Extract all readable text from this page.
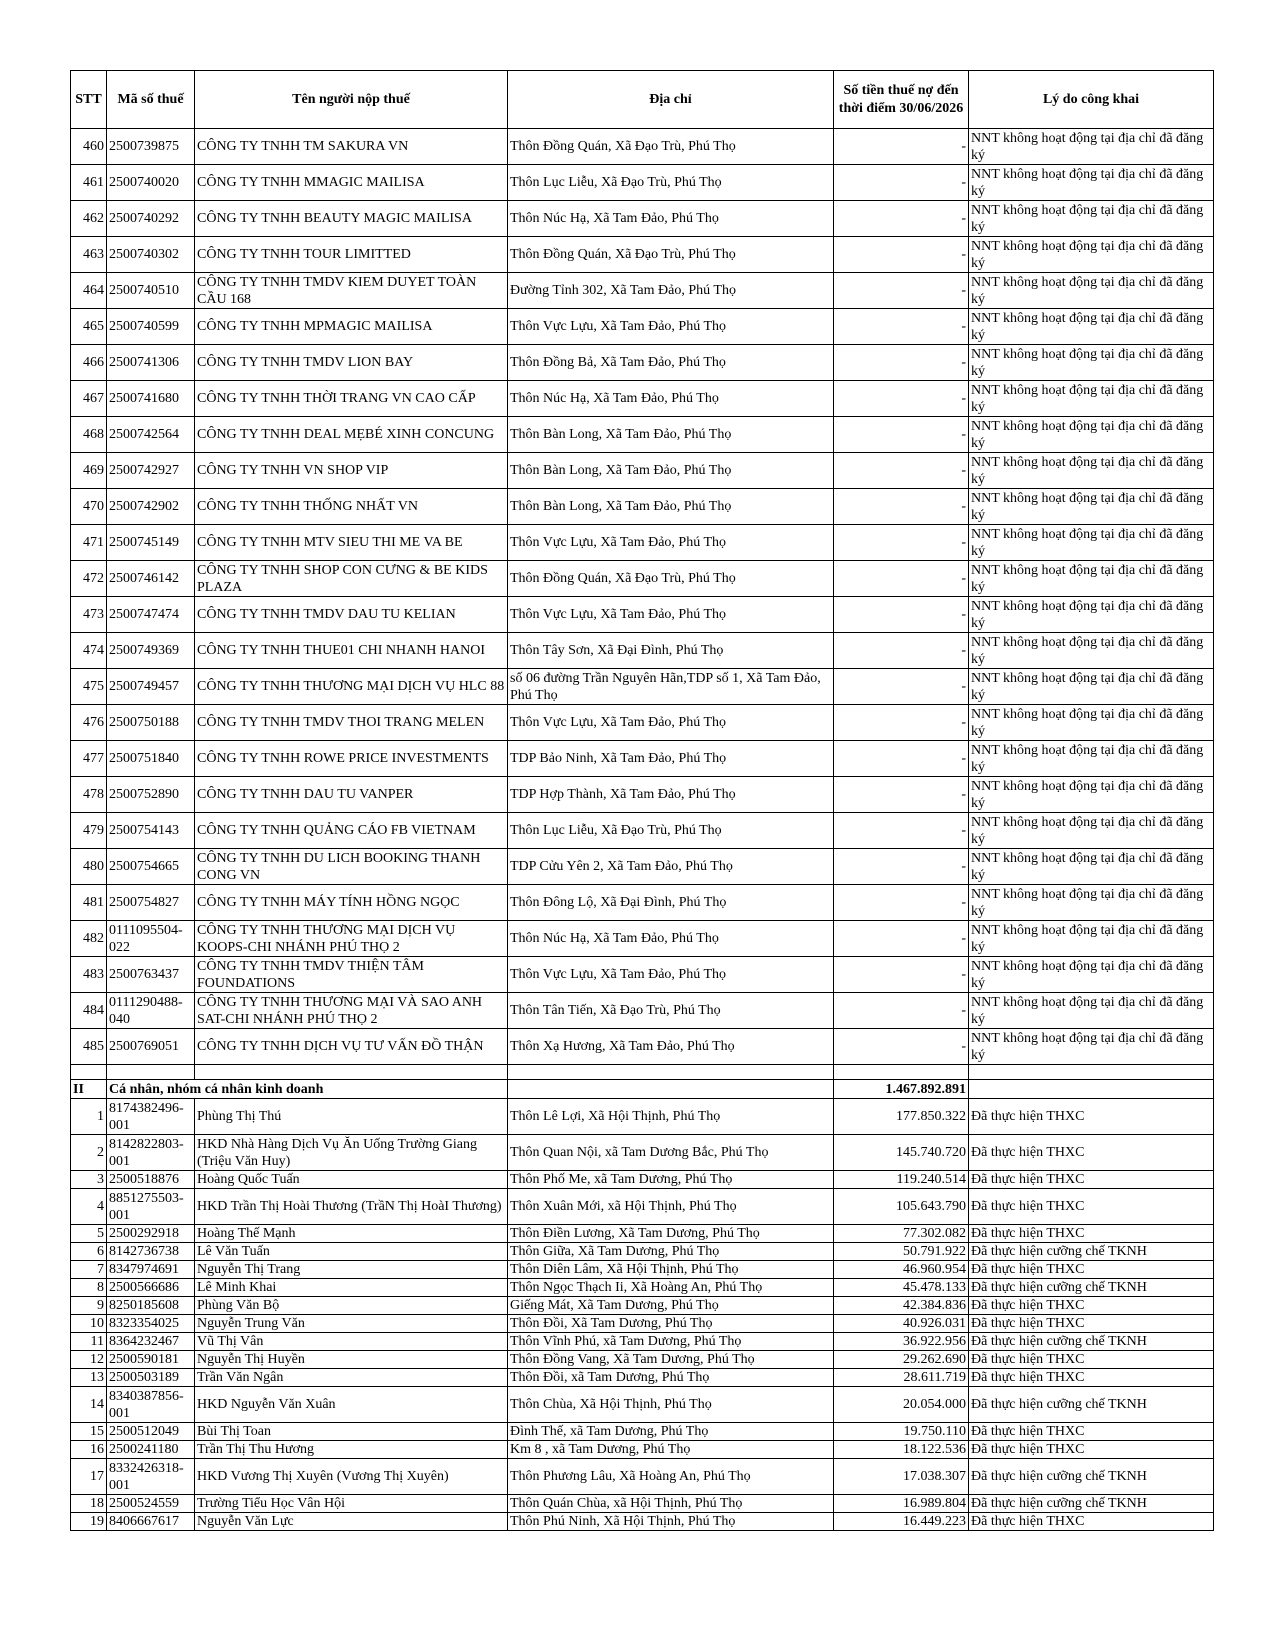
STT	Mã số thuế	Tên người nộp thuế	Địa chỉ	Số tiền thuế nợ đến thời điểm 30/06/2026	Lý do công khai
460	2500739875	CÔNG TY TNHH TM SAKURA VN	Thôn Đồng Quán, Xã Đạo Trù, Phú Thọ	-	NNT không hoạt động tại địa chỉ đã đăng ký
461	2500740020	CÔNG TY TNHH MMAGIC MAILISA	Thôn Lục Liễu, Xã Đạo Trù, Phú Thọ	-	NNT không hoạt động tại địa chỉ đã đăng ký
462	2500740292	CÔNG TY TNHH BEAUTY MAGIC MAILISA	Thôn Núc Hạ, Xã Tam Đảo, Phú Thọ	-	NNT không hoạt động tại địa chỉ đã đăng ký
463	2500740302	CÔNG TY TNHH TOUR LIMITTED	Thôn Đồng Quán, Xã Đạo Trù, Phú Thọ	-	NNT không hoạt động tại địa chỉ đã đăng ký
464	2500740510	CÔNG TY TNHH TMDV KIEM DUYET TOÀN CẦU 168	Đường Tỉnh 302, Xã Tam Đảo, Phú Thọ	-	NNT không hoạt động tại địa chỉ đã đăng ký
465	2500740599	CÔNG TY TNHH MPMAGIC MAILISA	Thôn Vực Lựu, Xã Tam Đảo, Phú Thọ	-	NNT không hoạt động tại địa chỉ đã đăng ký
466	2500741306	CÔNG TY TNHH TMDV LION BAY	Thôn Đồng Bả, Xã Tam Đảo, Phú Thọ	-	NNT không hoạt động tại địa chỉ đã đăng ký
467	2500741680	CÔNG TY TNHH THỜI TRANG VN CAO CẤP	Thôn Núc Hạ, Xã Tam Đảo, Phú Thọ	-	NNT không hoạt động tại địa chỉ đã đăng ký
468	2500742564	CÔNG TY TNHH DEAL MẸBÉ XINH CONCUNG	Thôn Bàn Long, Xã Tam Đảo, Phú Thọ	-	NNT không hoạt động tại địa chỉ đã đăng ký
469	2500742927	CÔNG TY TNHH VN SHOP VIP	Thôn Bàn Long, Xã Tam Đảo, Phú Thọ	-	NNT không hoạt động tại địa chỉ đã đăng ký
470	2500742902	CÔNG TY TNHH THỐNG NHẤT VN	Thôn Bàn Long, Xã Tam Đảo, Phú Thọ	-	NNT không hoạt động tại địa chỉ đã đăng ký
471	2500745149	CÔNG TY TNHH MTV SIEU THI ME VA BE	Thôn Vực Lựu, Xã Tam Đảo, Phú Thọ	-	NNT không hoạt động tại địa chỉ đã đăng ký
472	2500746142	CÔNG TY TNHH SHOP CON CƯNG & BE KIDS PLAZA	Thôn Đồng Quán, Xã Đạo Trù, Phú Thọ	-	NNT không hoạt động tại địa chỉ đã đăng ký
473	2500747474	CÔNG TY TNHH TMDV DAU TU KELIAN	Thôn Vực Lựu, Xã Tam Đảo, Phú Thọ	-	NNT không hoạt động tại địa chỉ đã đăng ký
474	2500749369	CÔNG TY TNHH THUE01 CHI NHANH HANOI	Thôn Tây Sơn, Xã Đại Đình, Phú Thọ	-	NNT không hoạt động tại địa chỉ đã đăng ký
475	2500749457	CÔNG TY TNHH THƯƠNG MẠI DỊCH VỤ HLC 88	số 06 đường Trần Nguyên Hãn,TDP số 1, Xã Tam Đảo, Phú Thọ	-	NNT không hoạt động tại địa chỉ đã đăng ký
476	2500750188	CÔNG TY TNHH TMDV THOI TRANG MELEN	Thôn Vực Lựu, Xã Tam Đảo, Phú Thọ	-	NNT không hoạt động tại địa chỉ đã đăng ký
477	2500751840	CÔNG TY TNHH ROWE PRICE INVESTMENTS	TDP Bảo Ninh, Xã Tam Đảo, Phú Thọ	-	NNT không hoạt động tại địa chỉ đã đăng ký
478	2500752890	CÔNG TY TNHH DAU TU VANPER	TDP Hợp Thành, Xã Tam Đảo, Phú Thọ	-	NNT không hoạt động tại địa chỉ đã đăng ký
479	2500754143	CÔNG TY TNHH QUẢNG CÁO FB VIETNAM	Thôn Lục Liễu, Xã Đạo Trù, Phú Thọ	-	NNT không hoạt động tại địa chỉ đã đăng ký
480	2500754665	CÔNG TY TNHH DU LICH BOOKING THANH CONG VN	TDP Cửu Yên 2, Xã Tam Đảo, Phú Thọ	-	NNT không hoạt động tại địa chỉ đã đăng ký
481	2500754827	CÔNG TY TNHH MÁY TÍNH HỒNG NGỌC	Thôn Đông Lộ, Xã Đại Đình, Phú Thọ	-	NNT không hoạt động tại địa chỉ đã đăng ký
482	0111095504-022	CÔNG TY TNHH THƯƠNG MẠI DỊCH VỤ KOOPS-CHI NHÁNH PHÚ THỌ 2	Thôn Núc Hạ, Xã Tam Đảo, Phú Thọ	-	NNT không hoạt động tại địa chỉ đã đăng ký
483	2500763437	CÔNG TY TNHH TMDV THIỆN TÂM FOUNDATIONS	Thôn Vực Lựu, Xã Tam Đảo, Phú Thọ	-	NNT không hoạt động tại địa chỉ đã đăng ký
484	0111290488-040	CÔNG TY TNHH THƯƠNG MẠI VÀ SAO ANH SAT-CHI NHÁNH PHÚ THỌ 2	Thôn Tân Tiến, Xã Đạo Trù, Phú Thọ	-	NNT không hoạt động tại địa chỉ đã đăng ký
485	2500769051	CÔNG TY TNHH DỊCH VỤ TƯ VẤN ĐỒ THẬN	Thôn Xạ Hương, Xã Tam Đảo, Phú Thọ	-	NNT không hoạt động tại địa chỉ đã đăng ký

II	Cá nhân, nhóm cá nhân kinh doanh			1.467.892.891	
1	8174382496-001	Phùng Thị Thú	Thôn Lê Lợi, Xã Hội Thịnh, Phú Thọ	177.850.322	Đã thực hiện THXC
2	8142822803-001	HKD Nhà Hàng Dịch Vụ Ăn Uống Trường Giang (Triệu Văn Huy)	Thôn Quan Nội, xã Tam Dương Bắc, Phú Thọ	145.740.720	Đã thực hiện THXC
3	2500518876	Hoàng Quốc Tuấn	Thôn Phố Me, xã Tam Dương, Phú Thọ	119.240.514	Đã thực hiện THXC
4	8851275503-001	HKD Trần Thị Hoài Thương (TrầN Thị HoàI Thương)	Thôn Xuân Mới, xã Hội Thịnh, Phú Thọ	105.643.790	Đã thực hiện THXC
5	2500292918	Hoàng Thế Mạnh	Thôn Điền Lương, Xã Tam Dương, Phú Thọ	77.302.082	Đã thực hiện THXC
6	8142736738	Lê Văn Tuấn	Thôn Giữa, Xã Tam Dương, Phú Thọ	50.791.922	Đã thực hiện cưỡng chế TKNH
7	8347974691	Nguyễn Thị Trang	Thôn Diên Lâm, Xã Hội Thịnh, Phú Thọ	46.960.954	Đã thực hiện THXC
8	2500566686	Lê Minh Khai	Thôn Ngọc Thạch Ii, Xã Hoàng An, Phú Thọ	45.478.133	Đã thực hiện cưỡng chế TKNH
9	8250185608	Phùng Văn Bộ	Giếng Mát, Xã Tam Dương, Phú Thọ	42.384.836	Đã thực hiện THXC
10	8323354025	Nguyễn Trung Văn	Thôn Đồi, Xã Tam Dương, Phú Thọ	40.926.031	Đã thực hiện THXC
11	8364232467	Vũ Thị Vân	Thôn Vĩnh Phú, xã Tam Dương, Phú Thọ	36.922.956	Đã thực hiện cưỡng chế TKNH
12	2500590181	Nguyễn Thị Huyền	Thôn Đồng Vang, Xã Tam Dương, Phú Thọ	29.262.690	Đã thực hiện THXC
13	2500503189	Trần Văn Ngân	Thôn Đồi, xã Tam Dương, Phú Thọ	28.611.719	Đã thực hiện THXC
14	8340387856-001	HKD Nguyễn Văn Xuân	Thôn Chùa, Xã Hội Thịnh, Phú Thọ	20.054.000	Đã thực hiện cưỡng chế TKNH
15	2500512049	Bùi Thị Toan	Đình Thế, xã Tam Dương, Phú Thọ	19.750.110	Đã thực hiện THXC
16	2500241180	Trần Thị Thu Hương	Km 8 , xã Tam Dương, Phú Thọ	18.122.536	Đã thực hiện THXC
17	8332426318-001	HKD Vương Thị Xuyên (Vương Thị Xuyên)	Thôn Phương Lâu, Xã Hoàng An, Phú Thọ	17.038.307	Đã thực hiện cưỡng chế TKNH
18	2500524559	Trường Tiểu Học Vân Hội	Thôn Quán Chùa, xã Hội Thịnh, Phú Thọ	16.989.804	Đã thực hiện cưỡng chế TKNH
19	8406667617	Nguyễn Văn Lực	Thôn Phú Ninh, Xã Hội Thịnh, Phú Thọ	16.449.223	Đã thực hiện THXC
